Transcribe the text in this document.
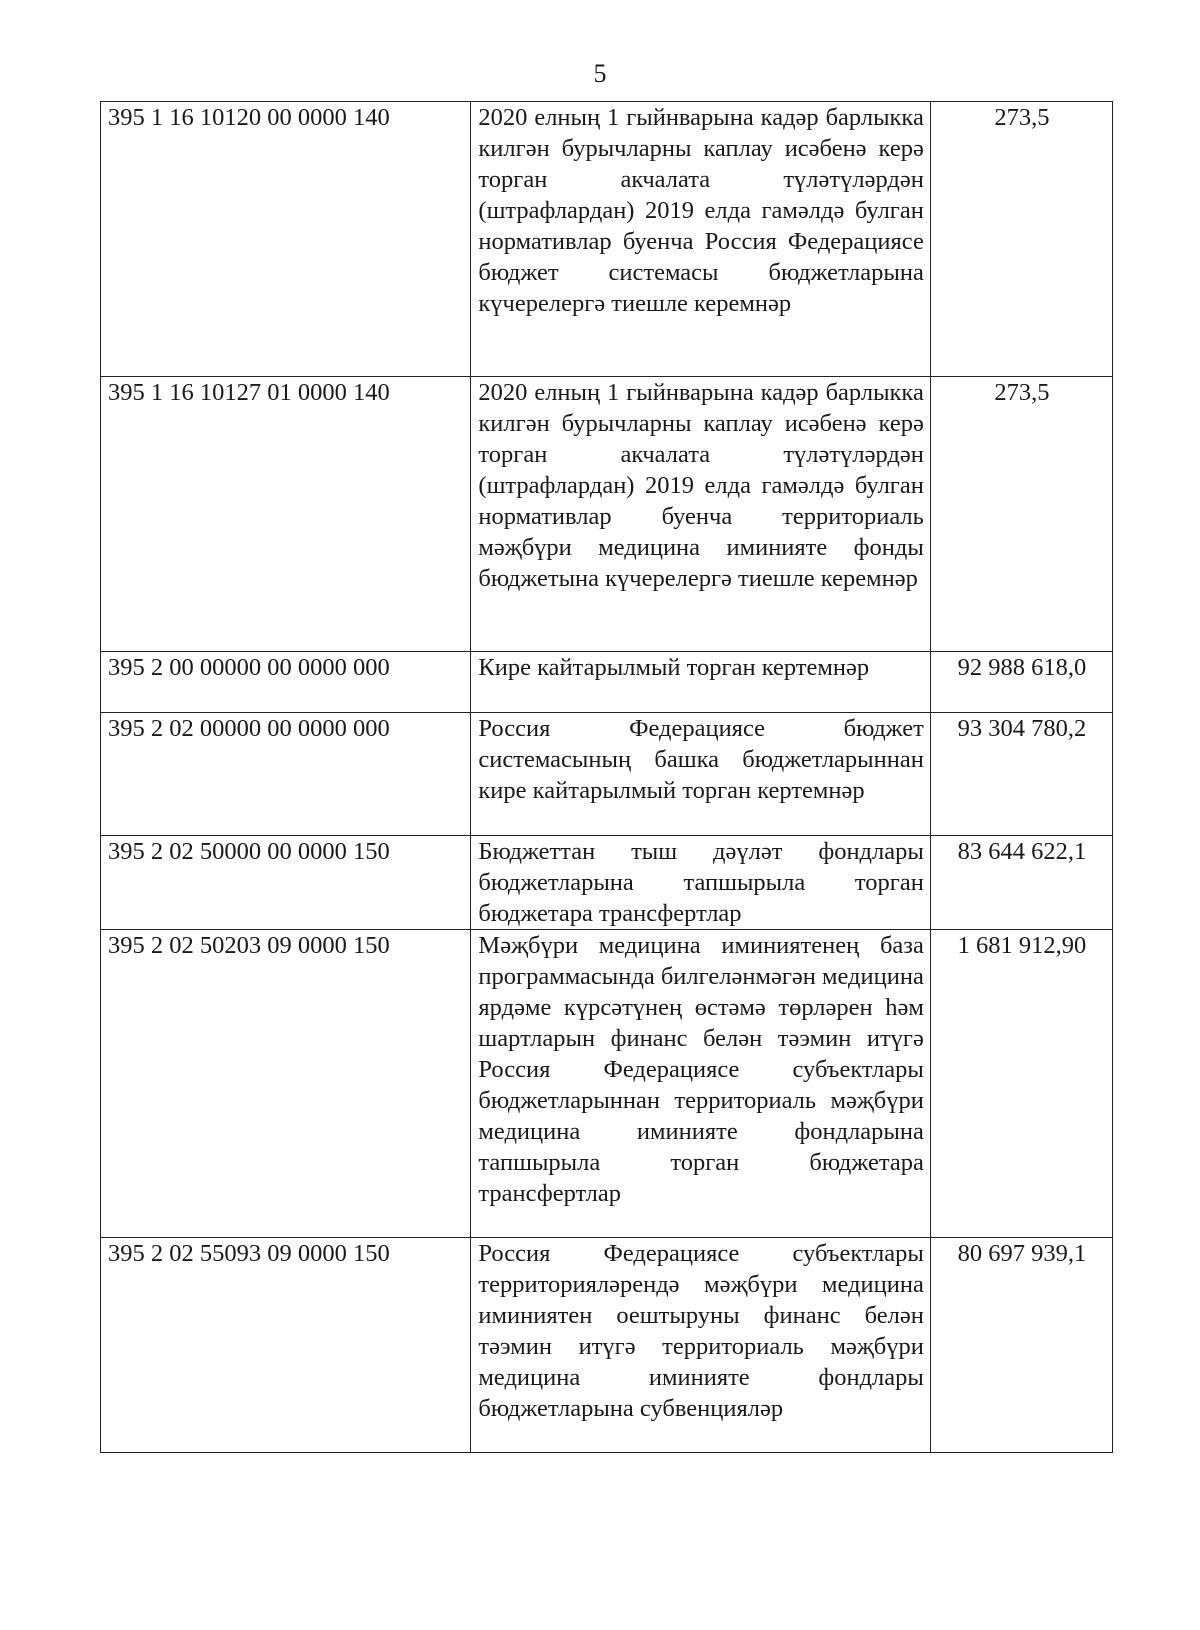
5
395 1 16 10120 00 0000 140	2020 елның 1 гыйнварына кадәр барлыкка килгән бурычларны каплау исәбенә керә торган акчалата түләтүләрдән (штрафлардан) 2019 елда гамәлдә булган нормативлар буенча Россия Федерациясе бюджет системасы бюджетларына күчерелергә тиешле керемнәр	273,5
395 1 16 10127 01 0000 140	2020 елның 1 гыйнварына кадәр барлыкка килгән бурычларны каплау исәбенә керә торган акчалата түләтүләрдән (штрафлардан) 2019 елда гамәлдә булган нормативлар буенча территориаль мәҗбүри медицина иминияте фонды бюджетына күчерелергә тиешле керемнәр	273,5
395 2 00 00000 00 0000 000	Кире кайтарылмый торган кертемнәр	92 988 618,0
395 2 02 00000 00 0000 000	Россия Федерациясе бюджет системасының башка бюджетларыннан кире кайтарылмый торган кертемнәр	93 304 780,2
395 2 02 50000 00 0000 150	Бюджеттан тыш дәүләт фондлары бюджетларына тапшырыла торган бюджетара трансфертлар	83 644 622,1
395 2 02 50203 09 0000 150	Мәҗбүри медицина иминиятенең база программасында билгеләнмәгән медицина ярдәме күрсәтүнең өстәмә төрләрен һәм шартларын финанс белән тәэмин итүгә Россия Федерациясе субъектлары бюджетларыннан территориаль мәҗбүри медицина иминияте фондларына тапшырыла торган бюджетара трансфертлар	1 681 912,90
395 2 02 55093 09 0000 150	Россия Федерациясе субъектлары территорияләрендә мәҗбүри медицина иминиятен оештыруны финанс белән тәэмин итүгә территориаль мәҗбүри медицина иминияте фондлары бюджетларына субвенцияләр	80 697 939,1
